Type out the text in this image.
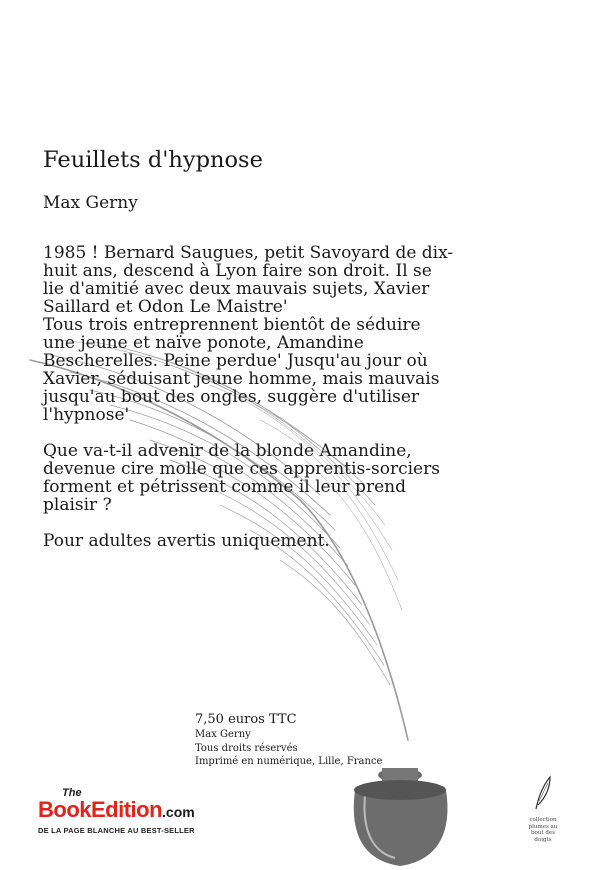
Feuillets d'hypnose
Max Gerny

1985 ! Bernard Saugues, petit Savoyard de dix-
huit ans, descend à Lyon faire son droit. Il se
lie d'amitié avec deux mauvais sujets, Xavier
Saillard et Odon Le Maistre'
Tous trois entreprennent bientôt de séduire
une jeune et naïve ponote, Amandine
Bescherelles. Peine perdue' Jusqu'au jour où
Xavier, séduisant jeune homme, mais mauvais
jusqu'au bout des ongles, suggère d'utiliser
l'hypnose'

Que va-t-il advenir de la blonde Amandine,
devenue cire molle que ces apprentis-sorciers
forment et pétrissent comme il leur prend
plaisir ?

Pour adultes avertis uniquement.

7,50 euros TTC
Max Gerny
Tous droits réservés
Imprimé en numérique, Lille, France
The
BookEdition.com
DE LA PAGE BLANCHE AU BEST-SELLER
collection
plumes au
bout des
doigts
